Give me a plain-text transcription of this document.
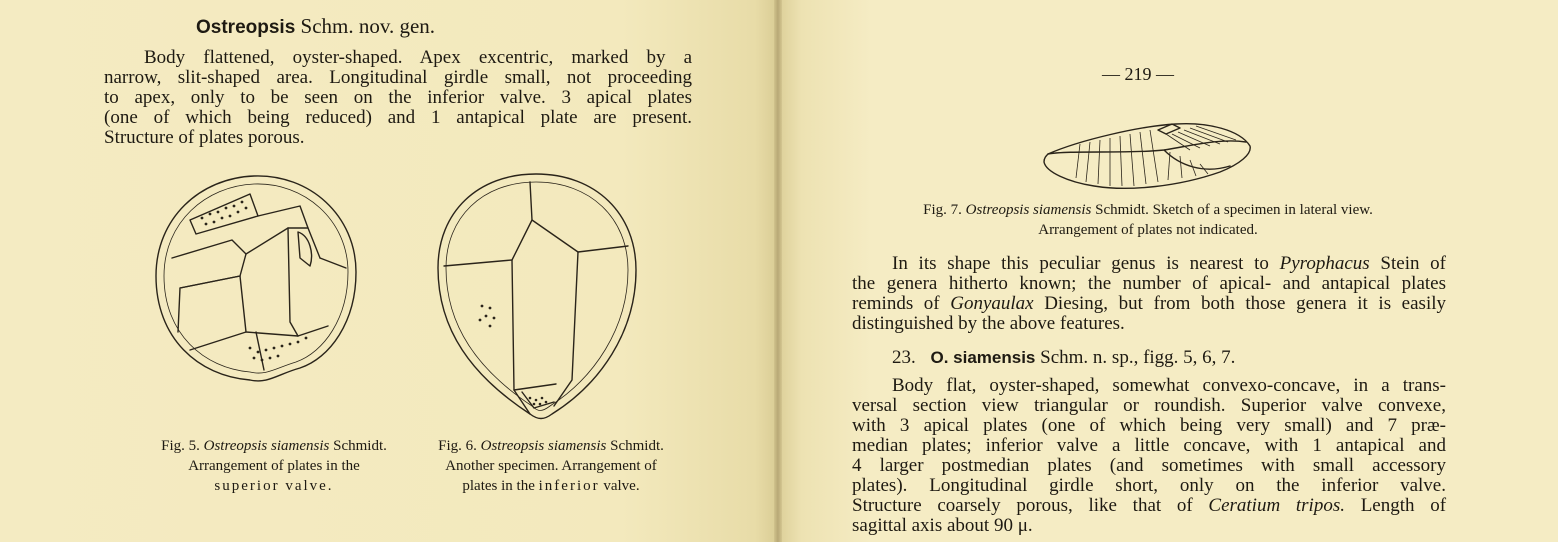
Ostreopsis Schm. nov. gen.

Body flattened, oyster-shaped. Apex excentric, marked by a
narrow, slit-shaped area. Longitudinal girdle small, not proceeding
to apex, only to be seen on the inferior valve. 3 apical plates
(one of which being reduced) and 1 antapical plate are present.
Structure of plates porous.

Fig. 5. Ostreopsis siamensis Schmidt.
Arrangement of plates in the
superior valve.

Fig. 6. Ostreopsis siamensis Schmidt.
Another specimen. Arrangement of
plates in the inferior valve.

— 219 —

Fig. 7. Ostreopsis siamensis Schmidt. Sketch of a specimen in lateral view.
Arrangement of plates not indicated.

In its shape this peculiar genus is nearest to Pyrophacus Stein of
the genera hitherto known; the number of apical- and antapical plates
reminds of Gonyaulax Diesing, but from both those genera it is easily
distinguished by the above features.

23. O. siamensis Schm. n. sp., figg. 5, 6, 7.

Body flat, oyster-shaped, somewhat convexo-concave, in a trans-
versal section view triangular or roundish. Superior valve convexe,
with 3 apical plates (one of which being very small) and 7 præ-
median plates; inferior valve a little concave, with 1 antapical and
4 larger postmedian plates (and sometimes with small accessory
plates). Longitudinal girdle short, only on the inferior valve.
Structure coarsely porous, like that of Ceratium tripos. Length of
sagittal axis about 90 μ.
